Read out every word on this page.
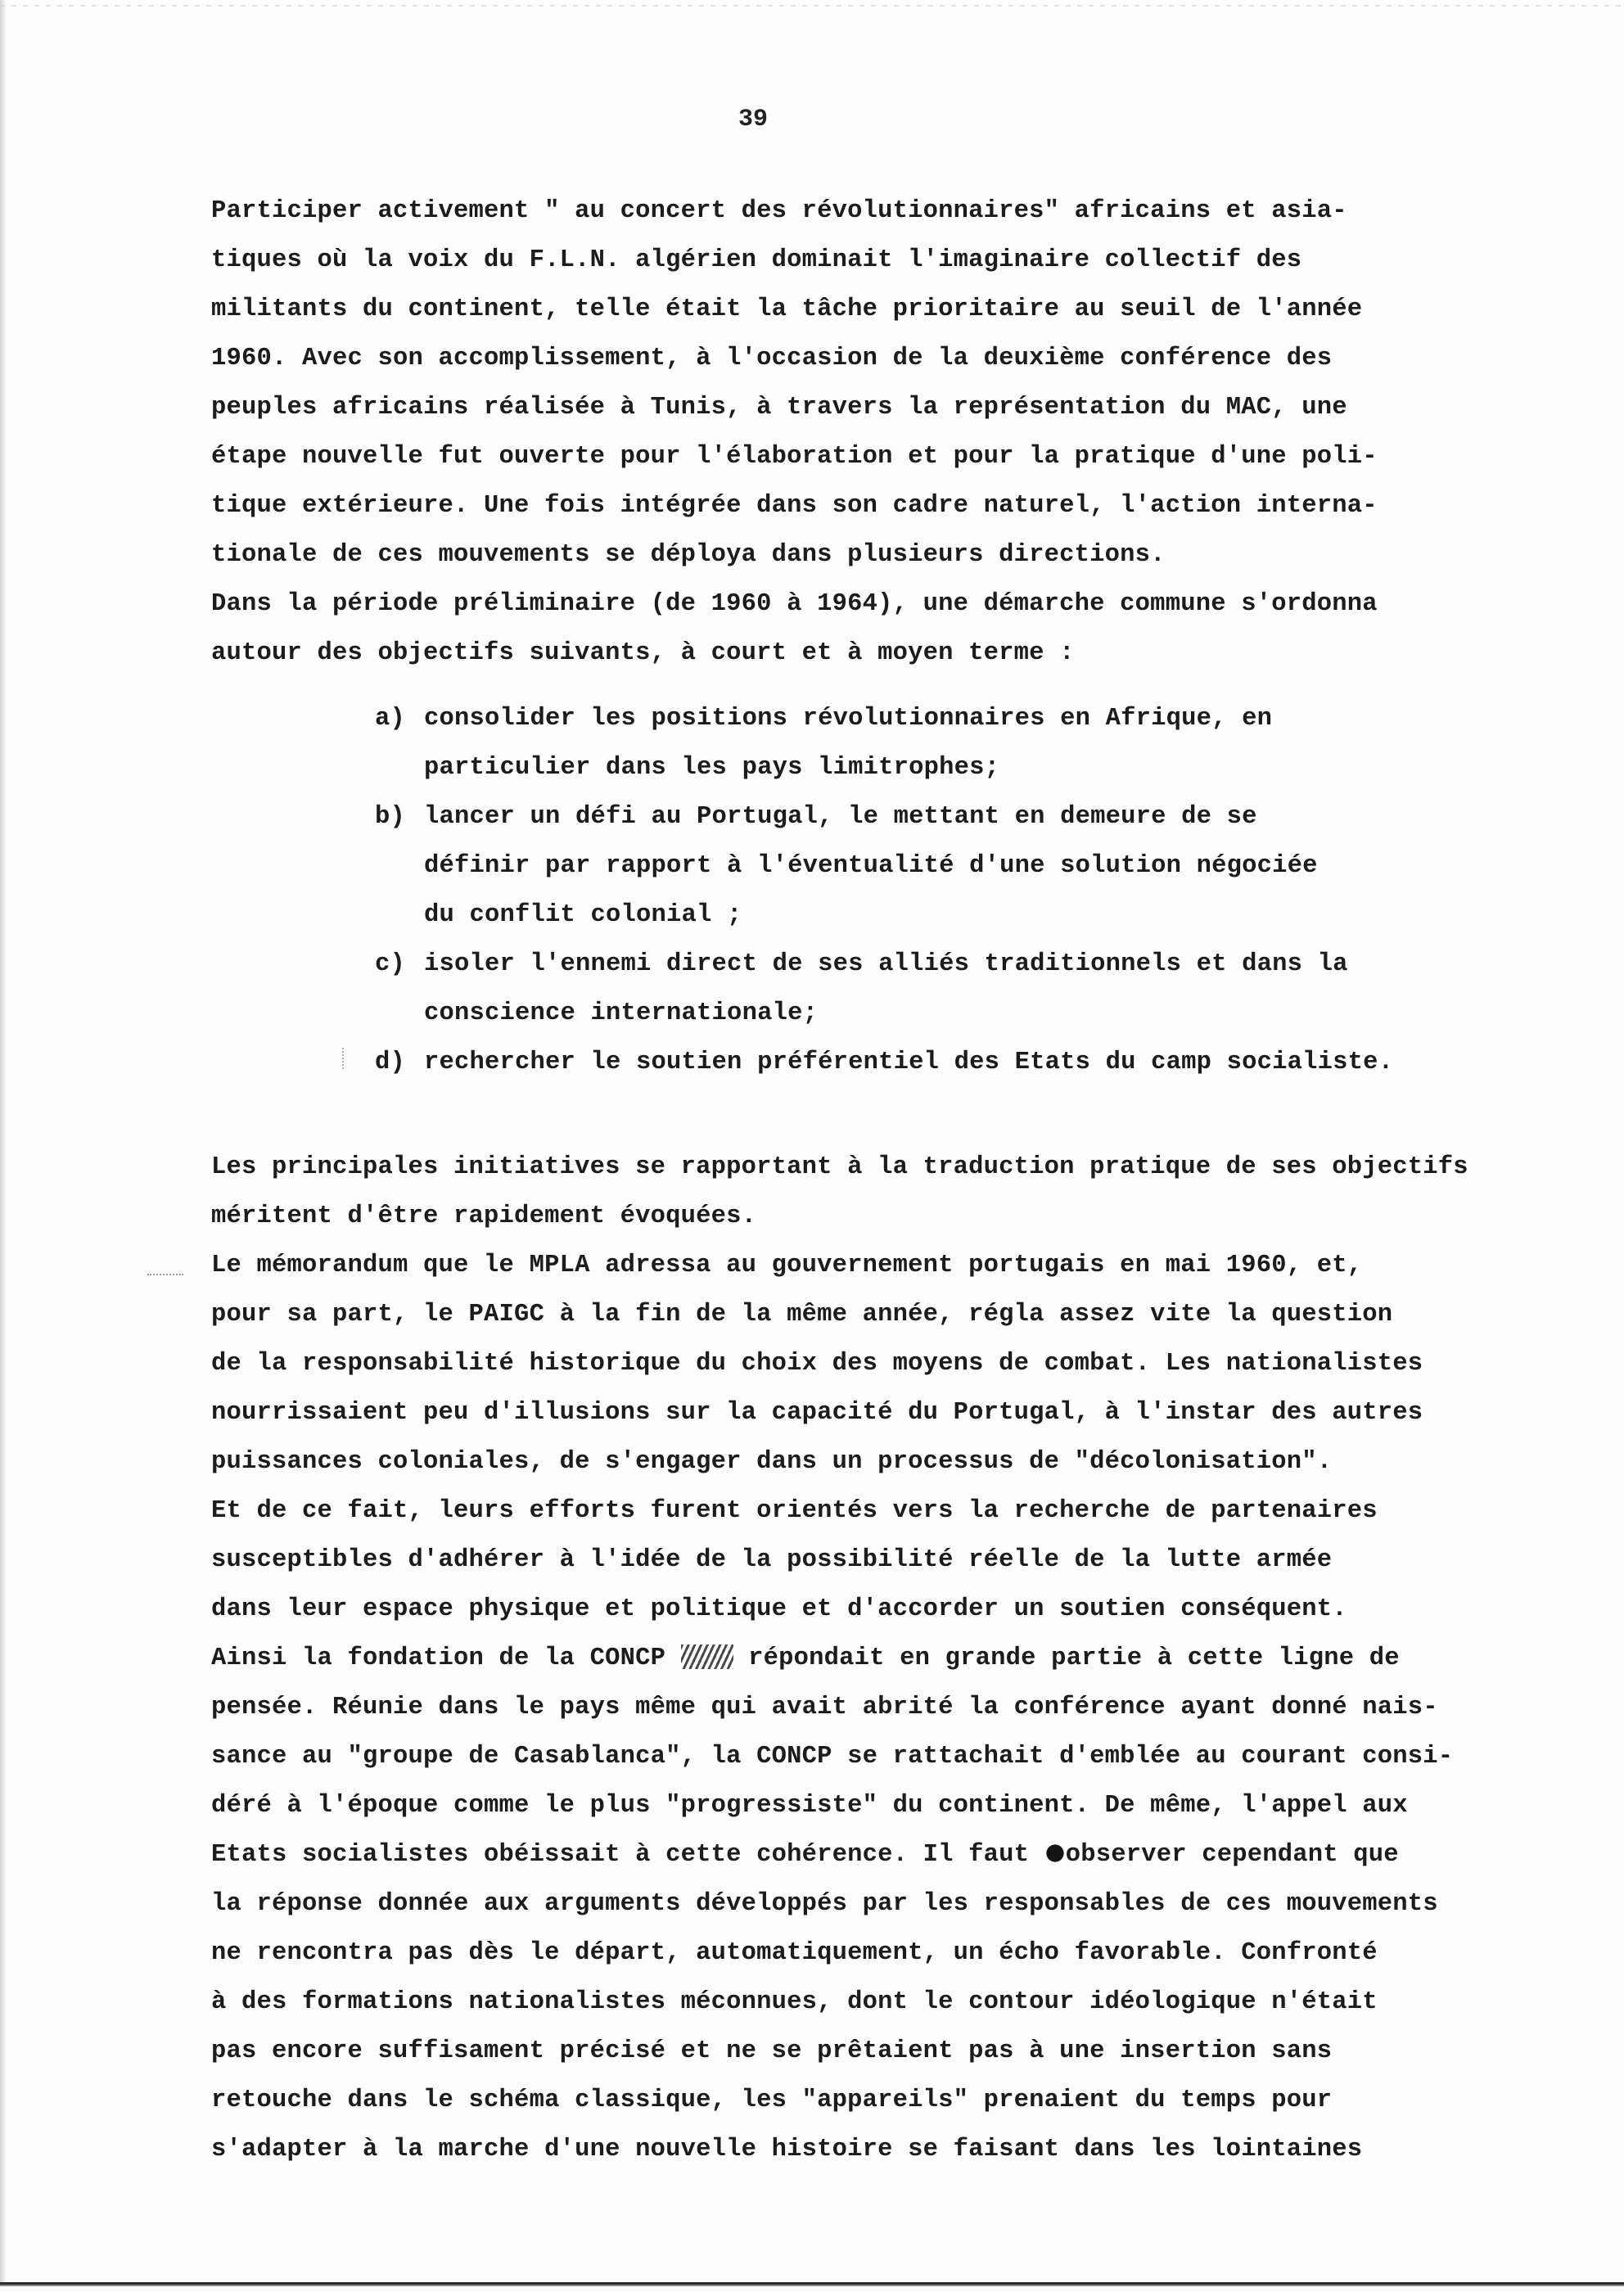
39
Participer activement " au concert des révolutionnaires" africains et asia-
tiques où la voix du F.L.N. algérien dominait l'imaginaire collectif des
militants du continent, telle était la tâche prioritaire au seuil de l'année
1960. Avec son accomplissement, à l'occasion de la deuxième conférence des
peuples africains réalisée à Tunis, à travers la représentation du MAC, une
étape nouvelle fut ouverte pour l'élaboration et pour la pratique d'une poli-
tique extérieure. Une fois intégrée dans son cadre naturel, l'action interna-
tionale de ces mouvements se déploya dans plusieurs directions.
Dans la période préliminaire (de 1960 à 1964), une démarche commune s'ordonna
autour des objectifs suivants, à court et à moyen terme :
a) consolider les positions révolutionnaires en Afrique, en
particulier dans les pays limitrophes;
b) lancer un défi au Portugal, le mettant en demeure de se
définir par rapport à l'éventualité d'une solution négociée
du conflit colonial ;
c) isoler l'ennemi direct de ses alliés traditionnels et dans la
conscience internationale;
d) rechercher le soutien préférentiel des Etats du camp socialiste.
Les principales initiatives se rapportant à la traduction pratique de ses objectifs
méritent d'être rapidement évoquées.
Le mémorandum que le MPLA adressa au gouvernement portugais en mai 1960, et,
pour sa part, le PAIGC à la fin de la même année, régla assez vite la question
de la responsabilité historique du choix des moyens de combat. Les nationalistes
nourrissaient peu d'illusions sur la capacité du Portugal, à l'instar des autres
puissances coloniales, de s'engager dans un processus de "décolonisation".
Et de ce fait, leurs efforts furent orientés vers la recherche de partenaires
susceptibles d'adhérer à l'idée de la possibilité réelle de la lutte armée
dans leur espace physique et politique et d'accorder un soutien conséquent.
Ainsi la fondation de la CONCP	répondait en grande partie à cette ligne de
pensée. Réunie dans le pays même qui avait abrité la conférence ayant donné nais-
sance au "groupe de Casablanca", la CONCP se rattachait d'emblée au courant consi-
déré à l'époque comme le plus "progressiste" du continent. De même, l'appel aux
Etats socialistes obéissait à cette cohérence. Il faut observer cependant que
la réponse donnée aux arguments développés par les responsables de ces mouvements
ne rencontra pas dès le départ, automatiquement, un écho favorable. Confronté
à des formations nationalistes méconnues, dont le contour idéologique n'était
pas encore suffisament précisé et ne se prêtaient pas à une insertion sans
retouche dans le schéma classique, les "appareils" prenaient du temps pour
s'adapter à la marche d'une nouvelle histoire se faisant dans les lointaines
